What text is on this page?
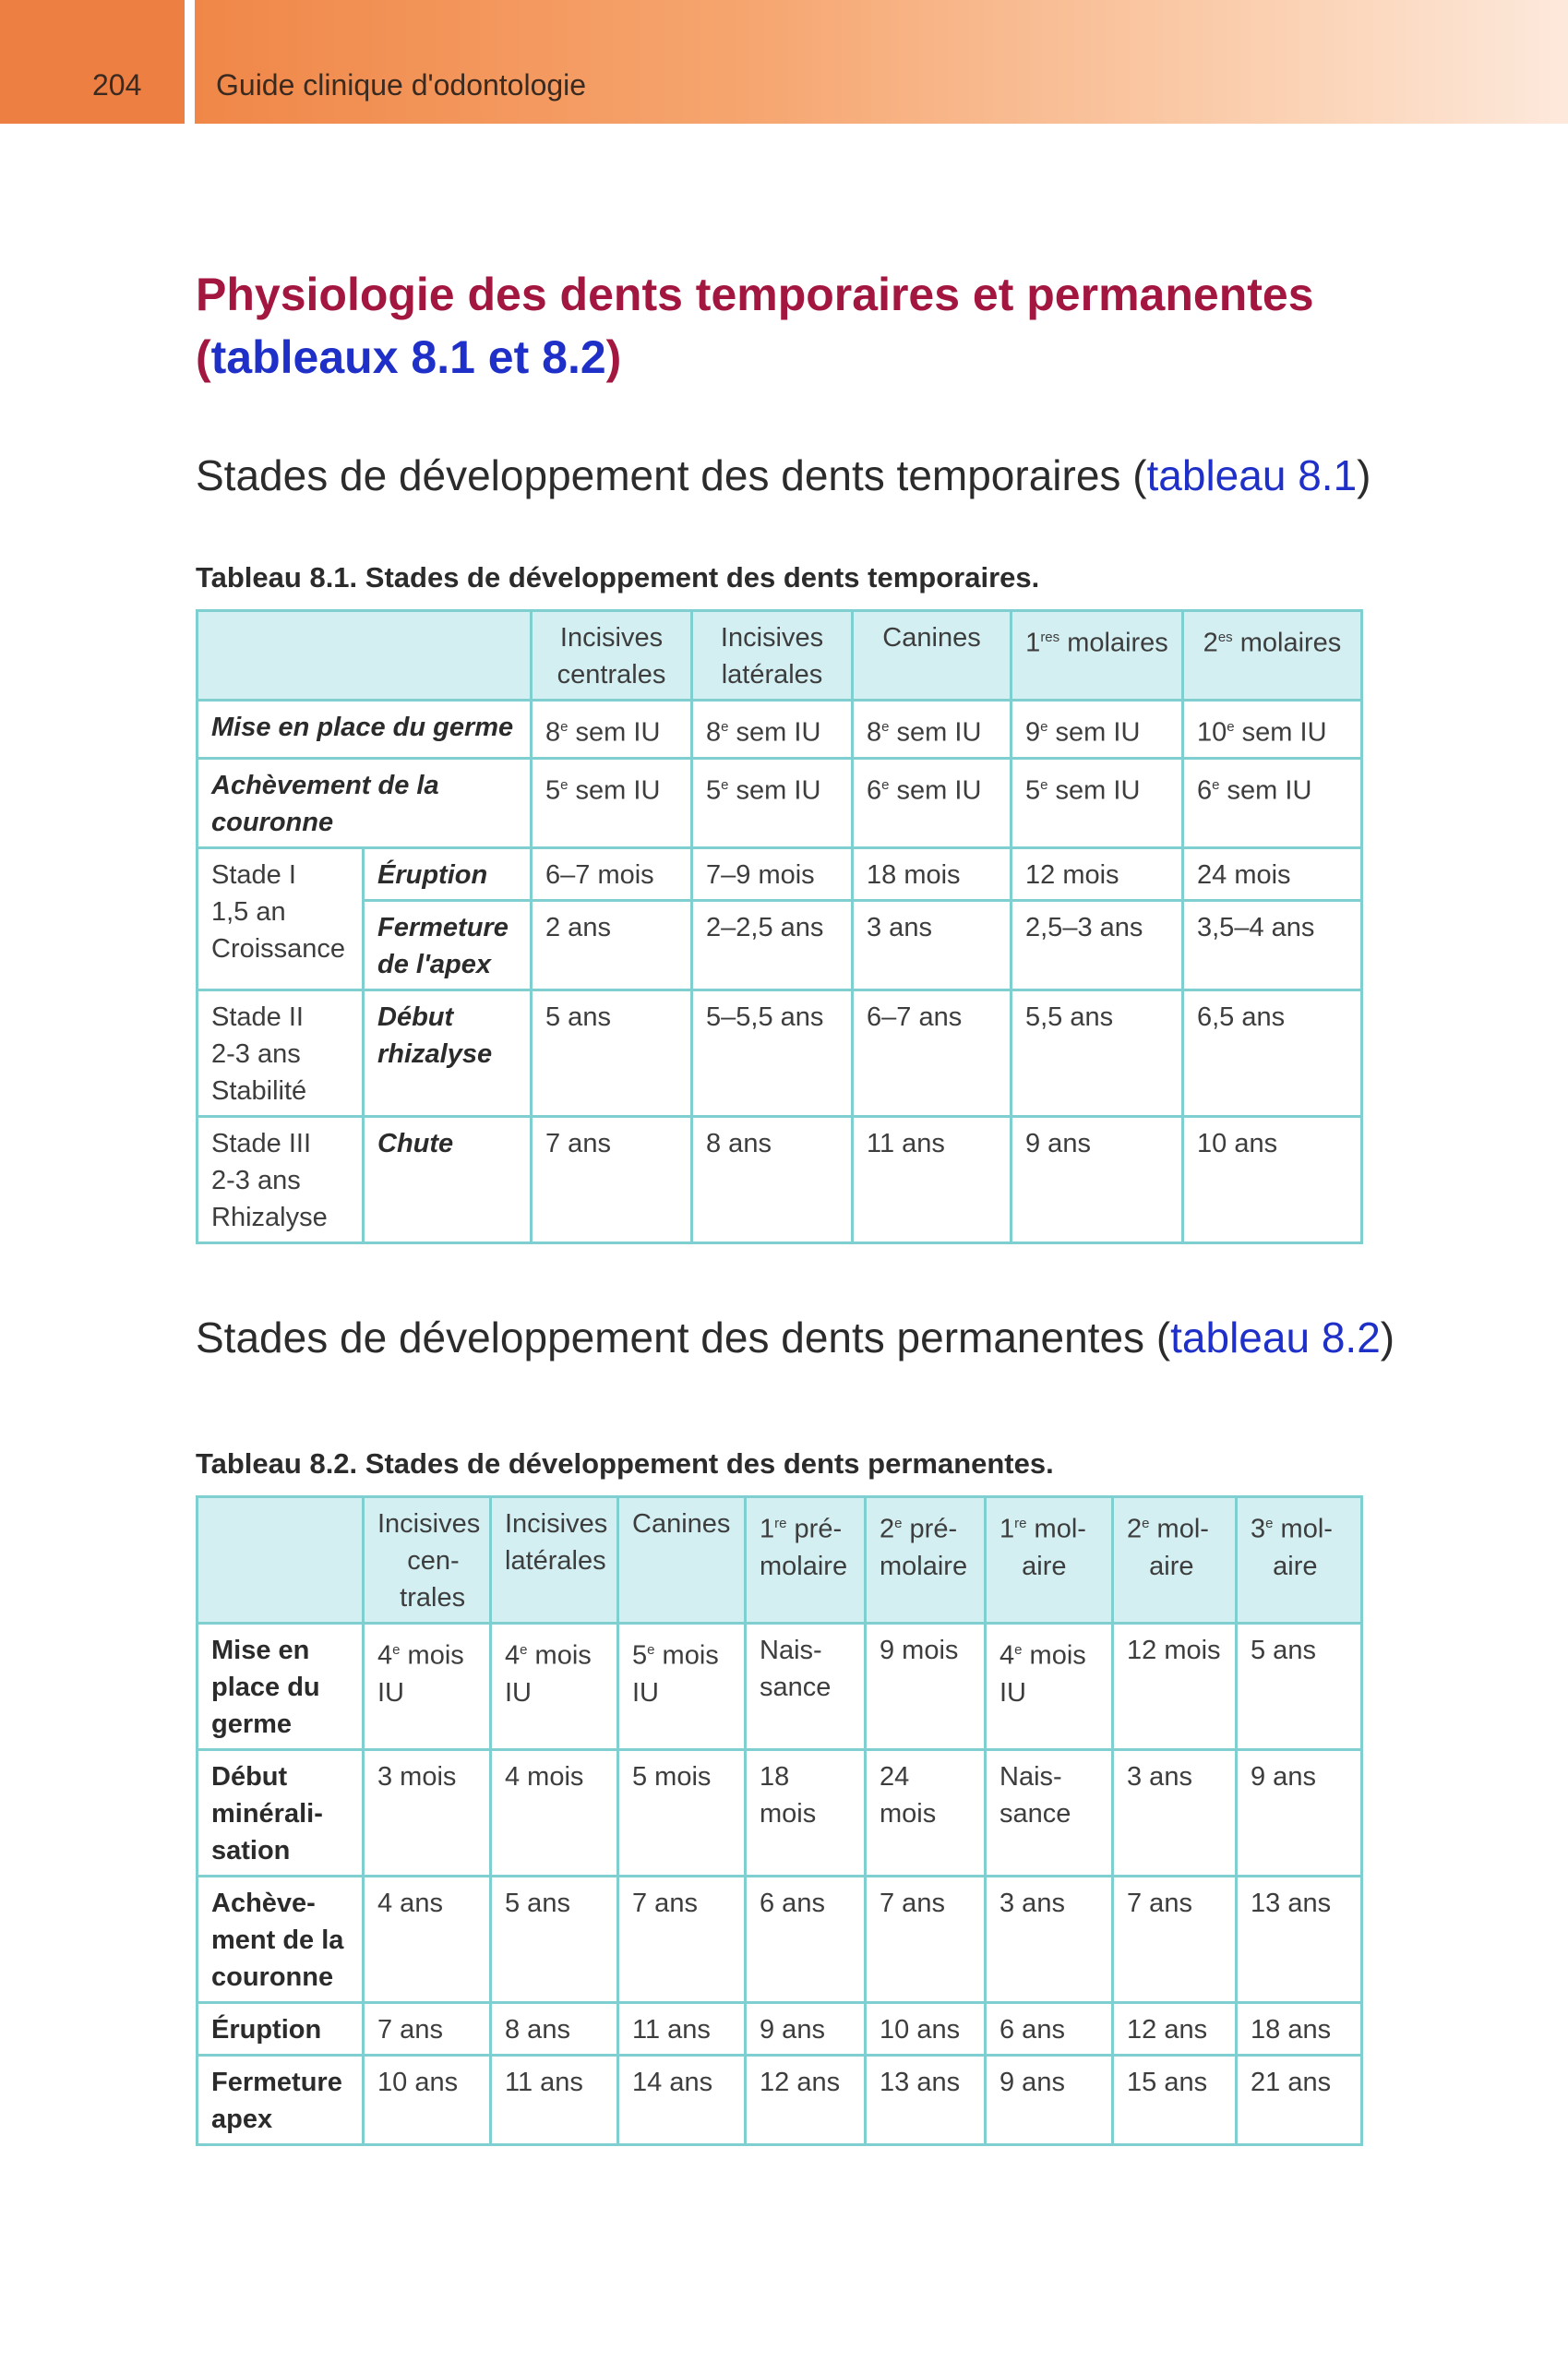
204	Guide clinique d'odontologie
Physiologie des dents temporaires et permanentes
(tableaux 8.1 et 8.2)
Stades de développement des dents temporaires (tableau 8.1)
Tableau 8.1. Stades de développement des dents temporaires.
		Incisives centrales	Incisives latérales	Canines	1res molaires	$2^{es}$ molaires
Mise en place du germe		8e sem IU	8e sem IU	8e sem IU	9e sem IU	10e sem IU
Achèvement de la couronne		5e sem IU	5e sem IU	6e sem IU	5e sem IU	6e sem IU

Stade I
1,5 an
Croissance	Éruption	6–7 mois	7–9 mois	18 mois	12 mois	24 mois
	Fermeture de l'apex	2 ans	2–2,5 ans	3 ans	2,5–3 ans	3,5–4 ans

Stade II
2-3 ans
Stabilité	Début rhizalyse	5 ans	5–5,5 ans	6–7 ans	5,5 ans	6,5 ans

Stade III
2-3 ans
Rhizalyse	Chute	7 ans	8 ans	11 ans	9 ans	10 ans
Stades de développement des dents permanentes (tableau 8.2)
Tableau 8.2. Stades de développement des dents permanentes.
	Incisives
cen-
trales	Incisives
latérales	Canines	1re pré-
molaire	2e pré-
molaire	1re mol-
aire	2e mol-
aire	3e mol-
aire
Mise en
place du
germe	4e mois
IU	4e mois
IU	5e mois
IU	Nais-
sance	9 mois	4e mois
IU	12 mois	5 ans
Début
minérali-
sation	3 mois	4 mois	5 mois	18 mois	24 mois	Nais-
sance	3 ans	9 ans
Achève-
ment de la
couronne	4 ans	5 ans	7 ans	6 ans	7 ans	3 ans	7 ans	13 ans
Éruption	7 ans	8 ans	11 ans	9 ans	10 ans	6 ans	12 ans	18 ans
Fermeture
apex	10 ans	11 ans	14 ans	12 ans	13 ans	9 ans	15 ans	21 ans
